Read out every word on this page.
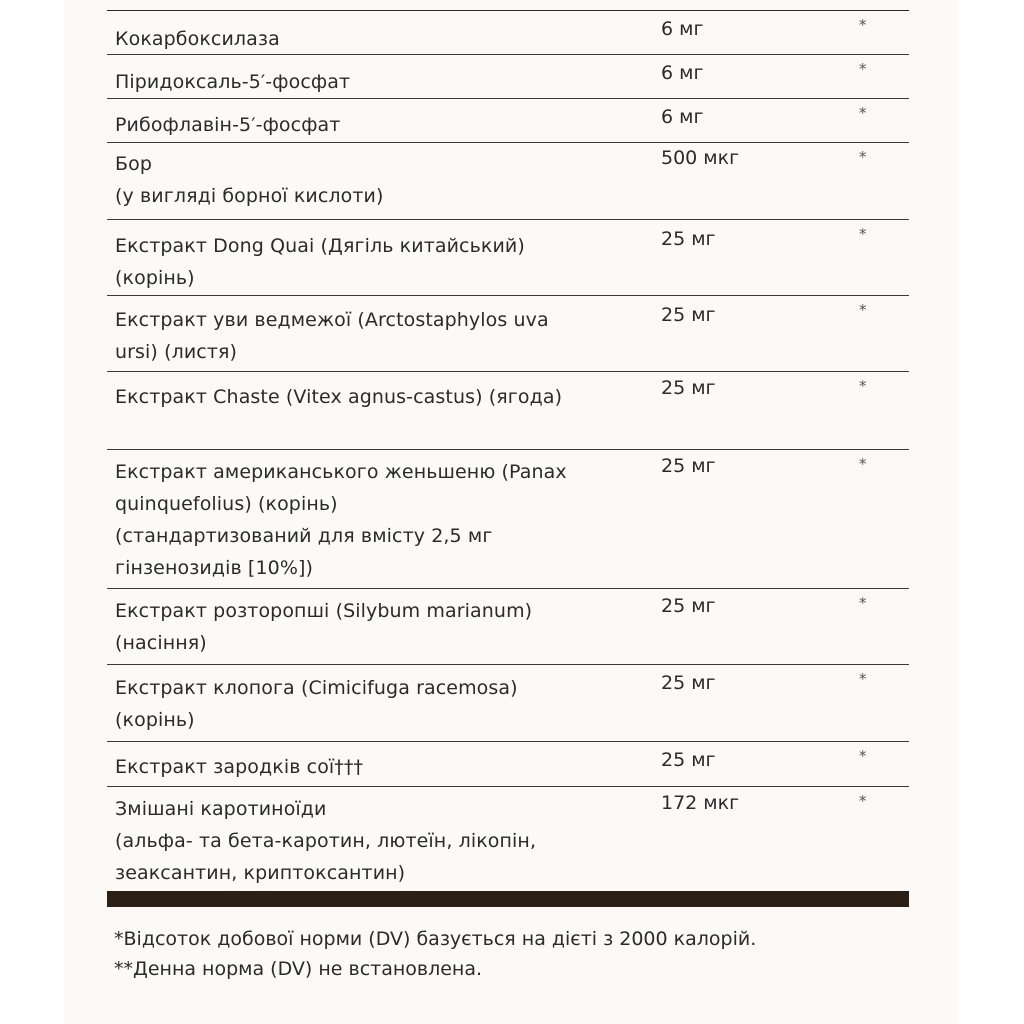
Кокарбоксилаза	6 мг	*
Піридоксаль-5′-фосфат	6 мг	*
Рибофлавін-5′-фосфат	6 мг	*
Бор
(у вигляді борної кислоти)
500 мкг	*
Екстракт Dong Quai (Дягіль китайський)
(корінь)
25 мг	*
Екстракт уви ведмежої (Arctostaphylos uva
ursi) (листя)
25 мг	*
Екстракт Chaste (Vitex agnus-castus) (ягода)	25 мг	*
Екстракт американського женьшеню (Panax
quinquefolius) (корінь)
(стандартизований для вмісту 2,5 мг
гінзенозидів [10%])
25 мг	*
Екстракт розторопші (Silybum marianum)
(насіння)
25 мг	*
Екстракт клопога (Cimicifuga racemosa)
(корінь)
25 мг	*
Екстракт зародків сої†††	25 мг	*
Змішані каротиноїди
(альфа- та бета-каротин, лютеїн, лікопін,
зеаксантин, криптоксантин)
172 мкг	*
*Відсоток добової норми (DV) базується на дієті з 2000 калорій.
**Денна норма (DV) не встановлена.
